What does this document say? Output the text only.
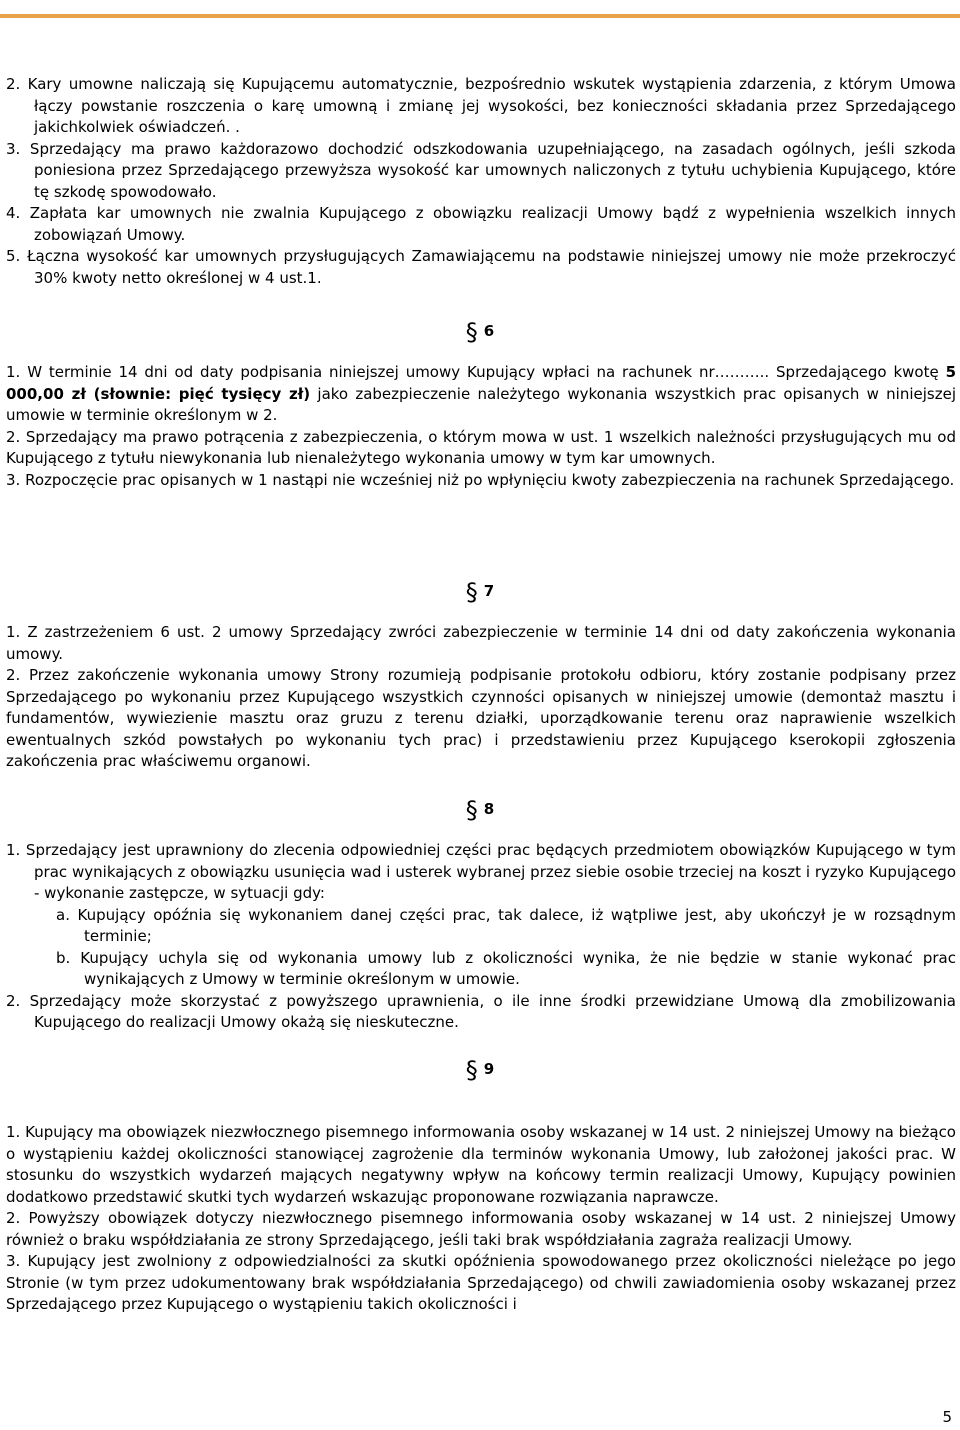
2. Kary umowne naliczają się Kupującemu automatycznie, bezpośrednio wskutek wystąpienia zdarzenia, z którym Umowa łączy powstanie roszczenia o karę umowną i zmianę jej wysokości, bez konieczności składania przez Sprzedającego jakichkolwiek oświadczeń. .
3. Sprzedający ma prawo każdorazowo dochodzić odszkodowania uzupełniającego, na zasadach ogólnych, jeśli szkoda poniesiona przez Sprzedającego przewyższa wysokość kar umownych naliczonych z tytułu uchybienia Kupującego, które tę szkodę spowodowało.
4. Zapłata kar umownych nie zwalnia Kupującego z obowiązku realizacji Umowy bądź z wypełnienia wszelkich innych zobowiązań Umowy.
5. Łączna wysokość kar umownych przysługujących Zamawiającemu na podstawie niniejszej umowy nie może przekroczyć 30% kwoty netto określonej w 4 ust.1.
§ 6
1. W terminie 14 dni od daty podpisania niniejszej umowy Kupujący wpłaci na rachunek nr……….. Sprzedającego kwotę 5 000,00 zł (słownie: pięć tysięcy zł) jako zabezpieczenie należytego wykonania wszystkich prac opisanych w niniejszej umowie w terminie określonym w 2.
2. Sprzedający ma prawo potrącenia z zabezpieczenia, o którym mowa w ust. 1 wszelkich należności przysługujących mu od Kupującego z tytułu niewykonania lub nienależytego wykonania umowy w tym kar umownych.
3. Rozpoczęcie prac opisanych w 1 nastąpi nie wcześniej niż po wpłynięciu kwoty zabezpieczenia na rachunek Sprzedającego.
§ 7
1. Z zastrzeżeniem 6 ust. 2 umowy Sprzedający zwróci zabezpieczenie w terminie 14 dni od daty zakończenia wykonania umowy.
2. Przez zakończenie wykonania umowy Strony rozumieją podpisanie protokołu odbioru, który zostanie podpisany przez Sprzedającego po wykonaniu przez Kupującego wszystkich czynności opisanych w niniejszej umowie (demontaż masztu i fundamentów, wywiezienie masztu oraz gruzu z terenu działki, uporządkowanie terenu oraz naprawienie wszelkich ewentualnych szkód powstałych po wykonaniu tych prac) i przedstawieniu przez Kupującego kserokopii zgłoszenia zakończenia prac właściwemu organowi.
§ 8
1. Sprzedający jest uprawniony do zlecenia odpowiedniej części prac będących przedmiotem obowiązków Kupującego w tym prac wynikających z obowiązku usunięcia wad i usterek wybranej przez siebie osobie trzeciej na koszt i ryzyko Kupującego - wykonanie zastępcze, w sytuacji gdy:
a. Kupujący opóźnia się wykonaniem danej części prac, tak dalece, iż wątpliwe jest, aby ukończył je w rozsądnym terminie;
b. Kupujący uchyla się od wykonania umowy lub z okoliczności wynika, że nie będzie w stanie wykonać prac wynikających z Umowy w terminie określonym w umowie.
2. Sprzedający może skorzystać z powyższego uprawnienia, o ile inne środki przewidziane Umową dla zmobilizowania Kupującego do realizacji Umowy okażą się nieskuteczne.
§ 9
1. Kupujący ma obowiązek niezwłocznego pisemnego informowania osoby wskazanej w 14 ust. 2 niniejszej Umowy na bieżąco o wystąpieniu każdej okoliczności stanowiącej zagrożenie dla terminów wykonania Umowy, lub założonej jakości prac. W stosunku do wszystkich wydarzeń mających negatywny wpływ na końcowy termin realizacji Umowy, Kupujący powinien dodatkowo przedstawić skutki tych wydarzeń wskazując proponowane rozwiązania naprawcze.
2. Powyższy obowiązek dotyczy niezwłocznego pisemnego informowania osoby wskazanej w 14 ust. 2 niniejszej Umowy również o braku współdziałania ze strony Sprzedającego, jeśli taki brak współdziałania zagraża realizacji Umowy.
3. Kupujący jest zwolniony z odpowiedzialności za skutki opóźnienia spowodowanego przez okoliczności nieleżące po jego Stronie (w tym przez udokumentowany brak współdziałania Sprzedającego) od chwili zawiadomienia osoby wskazanej przez Sprzedającego przez Kupującego o wystąpieniu takich okoliczności i
5
